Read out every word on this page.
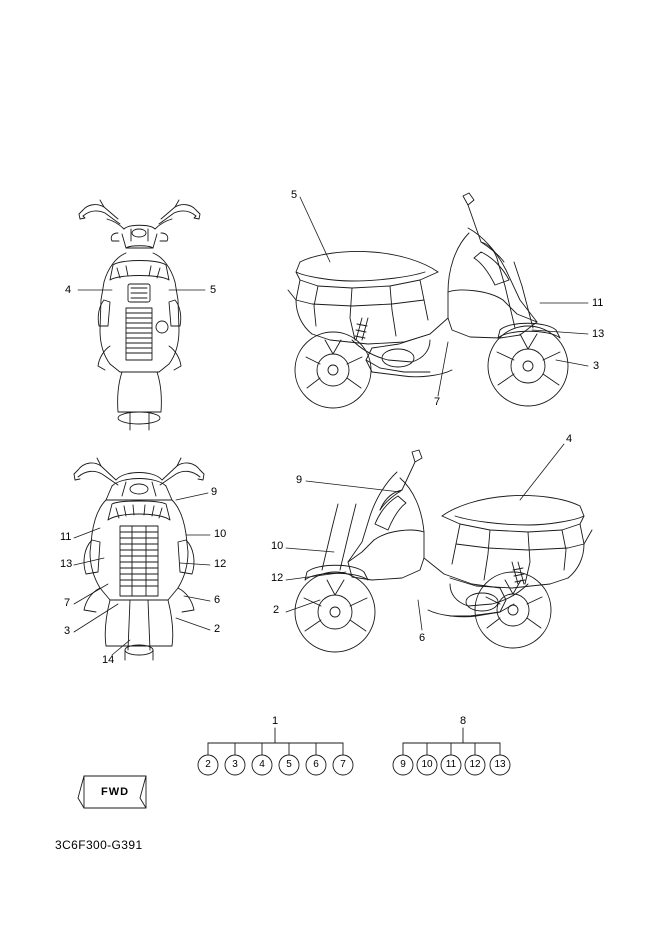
4	5
5
11
13
3
7
9
10
12
6
2
11
13
7
3
14
4
9
10
12
2
6
1	8
2	3	4	5	6	7	9	10	11	12	13
FWD
3C6F300-G391
